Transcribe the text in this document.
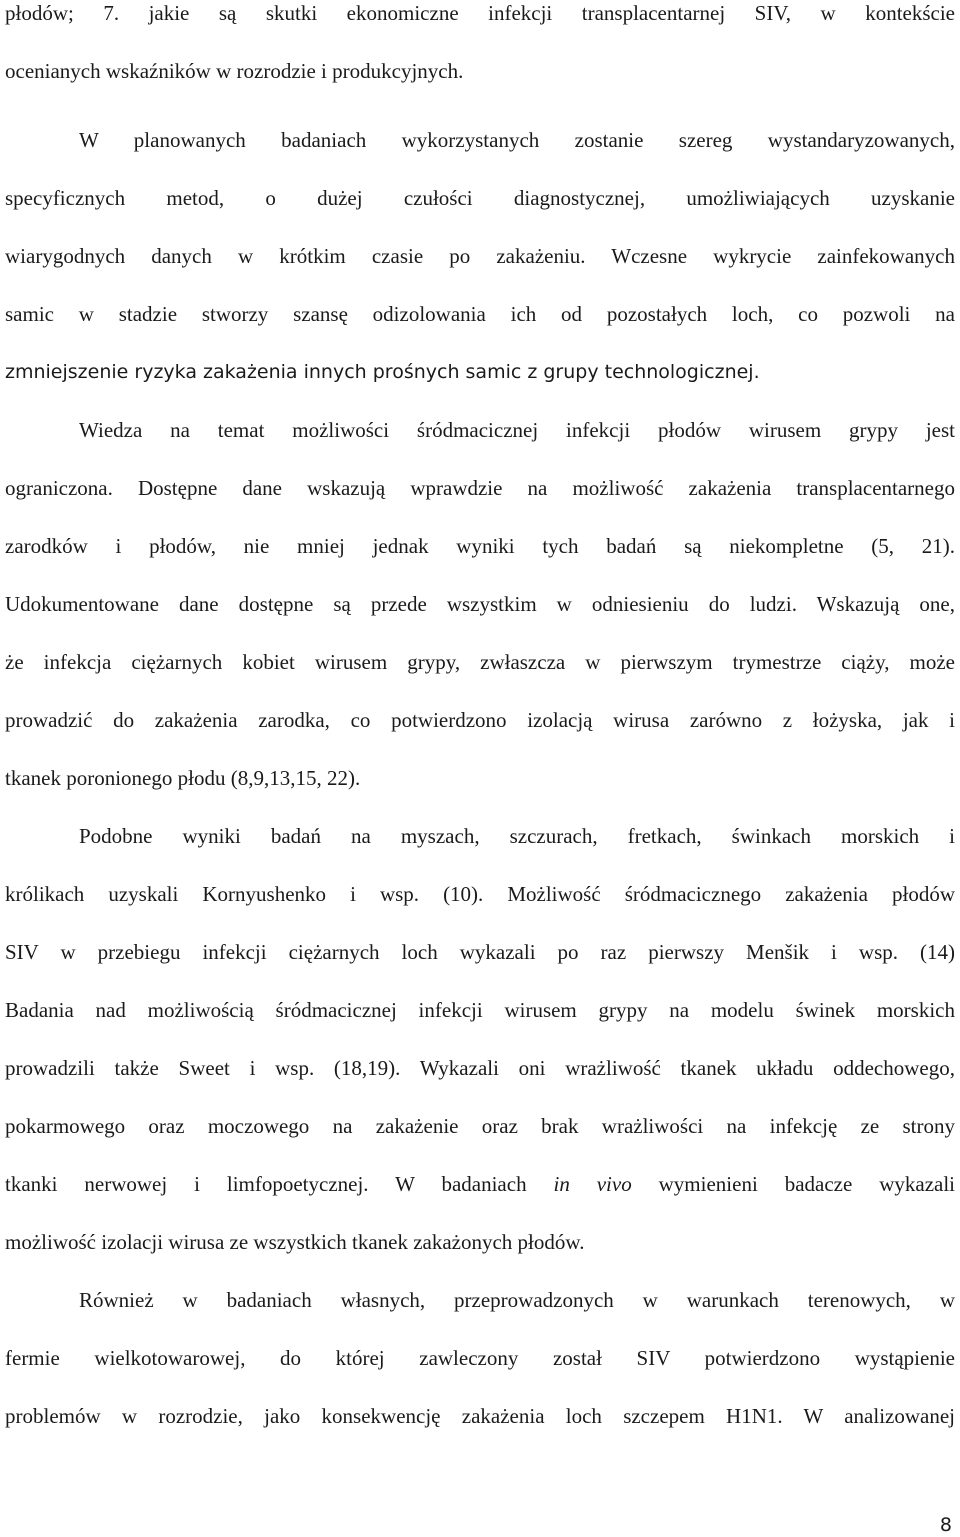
płodów; 7. jakie są skutki ekonomiczne infekcji transplacentarnej SIV, w kontekście
ocenianych wskaźników w rozrodzie i produkcyjnych.
W planowanych badaniach wykorzystanych zostanie szereg wystandaryzowanych,
specyficznych metod, o dużej czułości diagnostycznej, umożliwiających uzyskanie
wiarygodnych danych w krótkim czasie po zakażeniu. Wczesne wykrycie zainfekowanych
samic w stadzie stworzy szansę odizolowania ich od pozostałych loch, co pozwoli na
zmniejszenie ryzyka zakażenia innych prośnych samic z grupy technologicznej.
Wiedza na temat możliwości śródmacicznej infekcji płodów wirusem grypy jest
ograniczona. Dostępne dane wskazują wprawdzie na możliwość zakażenia transplacentarnego
zarodków i płodów, nie mniej jednak wyniki tych badań są niekompletne (5, 21).
Udokumentowane dane dostępne są przede wszystkim w odniesieniu do ludzi. Wskazują one,
że infekcja ciężarnych kobiet wirusem grypy, zwłaszcza w pierwszym trymestrze ciąży, może
prowadzić do zakażenia zarodka, co potwierdzono izolacją wirusa zarówno z łożyska, jak i
tkanek poronionego płodu (8,9,13,15, 22).
Podobne wyniki badań na myszach, szczurach, fretkach, świnkach morskich i
królikach uzyskali Kornyushenko i wsp. (10). Możliwość śródmacicznego zakażenia płodów
SIV w przebiegu infekcji ciężarnych loch wykazali po raz pierwszy Menšik i wsp. (14)
Badania nad możliwością śródmacicznej infekcji wirusem grypy na modelu świnek morskich
prowadzili także Sweet i wsp. (18,19). Wykazali oni wrażliwość tkanek układu oddechowego,
pokarmowego oraz moczowego na zakażenie oraz brak wrażliwości na infekcję ze strony
tkanki nerwowej i limfopoetycznej. W badaniach in vivo wymienieni badacze wykazali
możliwość izolacji wirusa ze wszystkich tkanek zakażonych płodów.
Również w badaniach własnych, przeprowadzonych w warunkach terenowych, w
fermie wielkotowarowej, do której zawleczony został SIV potwierdzono wystąpienie
problemów w rozrodzie, jako konsekwencję zakażenia loch szczepem H1N1. W analizowanej
8
